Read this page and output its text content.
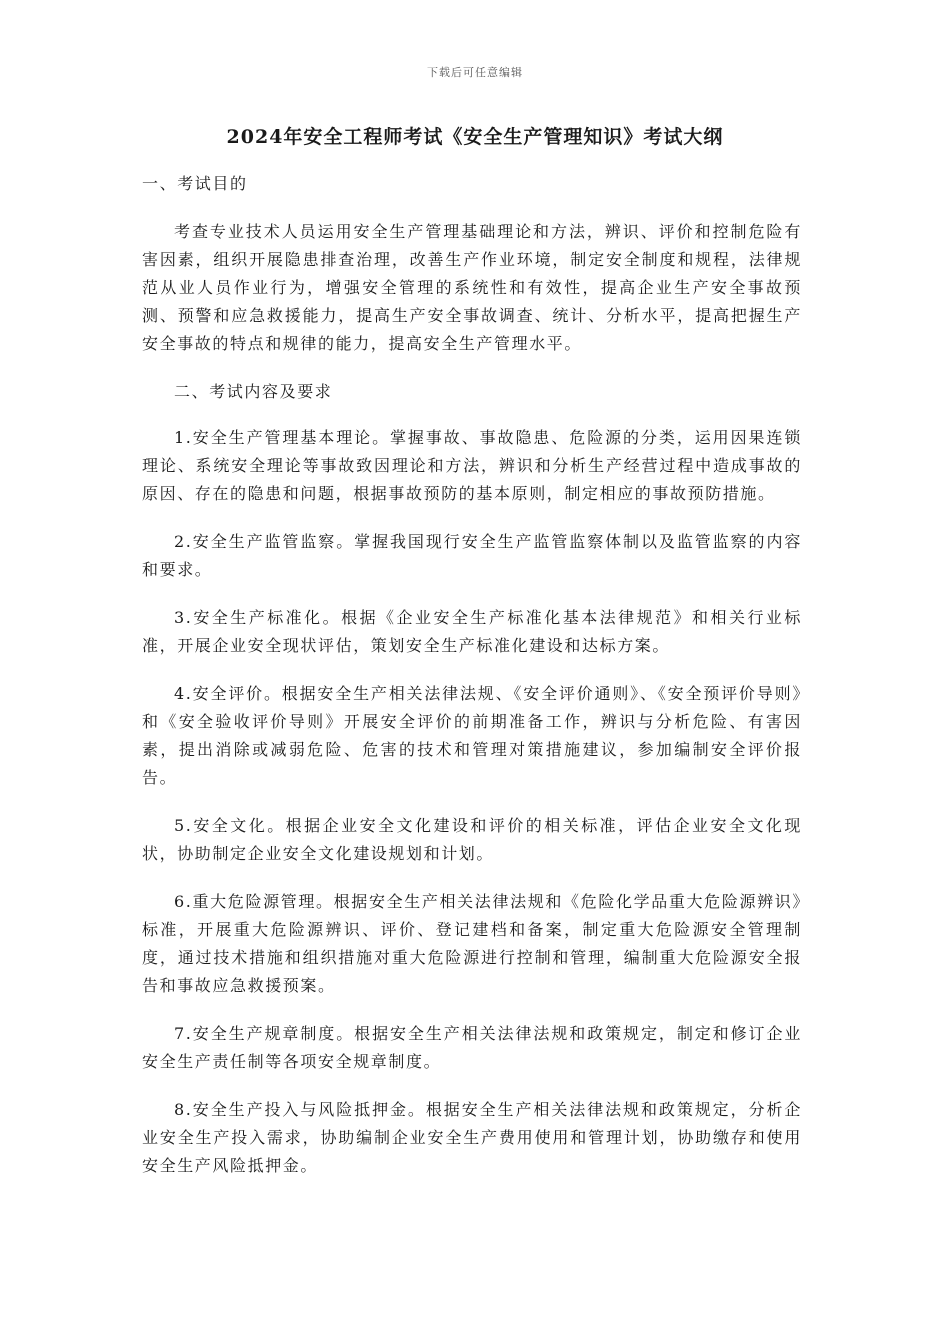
下载后可任意编辑
2024年安全工程师考试《安全生产管理知识》考试大纲

一、考试目的

考查专业技术人员运用安全生产管理基础理论和方法，辨识、评价和控制危险有害因素，组织开展隐患排查治理，改善生产作业环境，制定安全制度和规程，法律规范从业人员作业行为，增强安全管理的系统性和有效性，提高企业生产安全事故预测、预警和应急救援能力，提高生产安全事故调查、统计、分析水平，提高把握生产安全事故的特点和规律的能力，提高安全生产管理水平。

二、考试内容及要求

1.安全生产管理基本理论。掌握事故、事故隐患、危险源的分类，运用因果连锁理论、系统安全理论等事故致因理论和方法，辨识和分析生产经营过程中造成事故的原因、存在的隐患和问题，根据事故预防的基本原则，制定相应的事故预防措施。

2.安全生产监管监察。掌握我国现行安全生产监管监察体制以及监管监察的内容和要求。

3.安全生产标准化。根据《企业安全生产标准化基本法律规范》和相关行业标准，开展企业安全现状评估，策划安全生产标准化建设和达标方案。

4.安全评价。根据安全生产相关法律法规、《安全评价通则》、《安全预评价导则》和《安全验收评价导则》开展安全评价的前期准备工作，辨识与分析危险、有害因素，提出消除或减弱危险、危害的技术和管理对策措施建议，参加编制安全评价报告。

5.安全文化。根据企业安全文化建设和评价的相关标准，评估企业安全文化现状，协助制定企业安全文化建设规划和计划。

6.重大危险源管理。根据安全生产相关法律法规和《危险化学品重大危险源辨识》标准，开展重大危险源辨识、评价、登记建档和备案，制定重大危险源安全管理制度，通过技术措施和组织措施对重大危险源进行控制和管理，编制重大危险源安全报告和事故应急救援预案。

7.安全生产规章制度。根据安全生产相关法律法规和政策规定，制定和修订企业安全生产责任制等各项安全规章制度。

8.安全生产投入与风险抵押金。根据安全生产相关法律法规和政策规定，分析企业安全生产投入需求，协助编制企业安全生产费用使用和管理计划，协助缴存和使用安全生产风险抵押金。
